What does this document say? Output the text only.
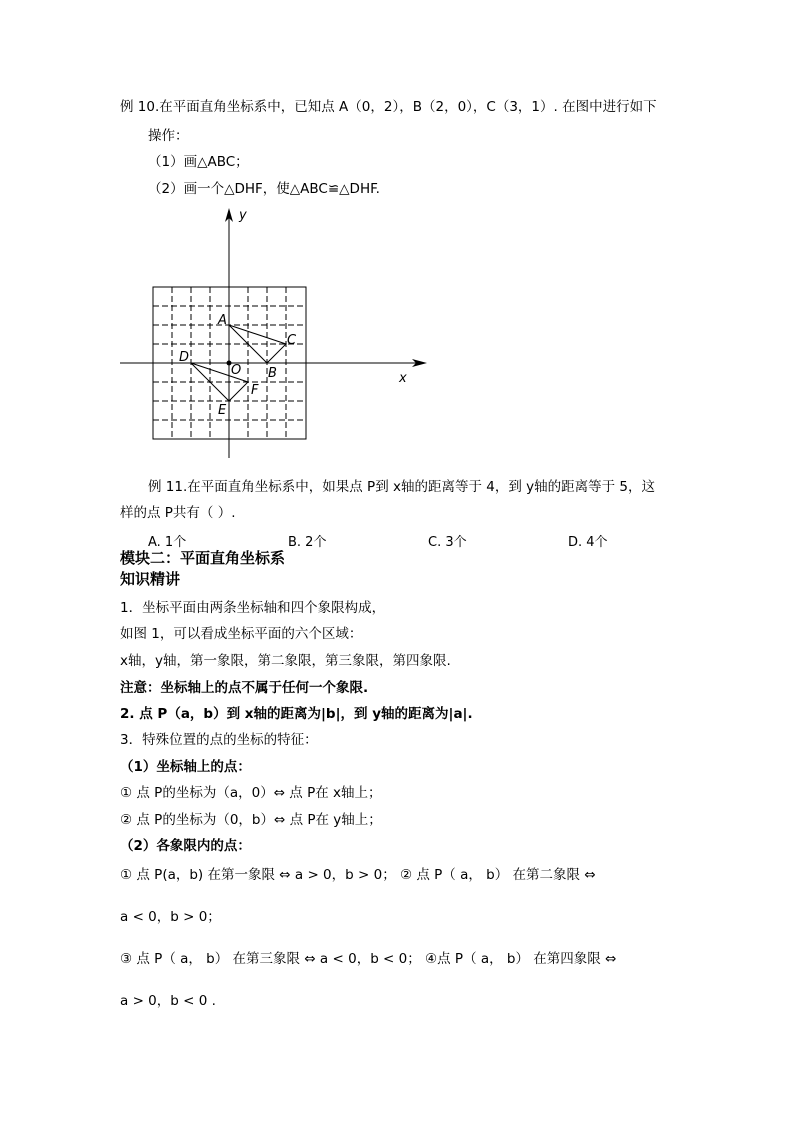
例 10.在平面直角坐标系中，已知点 A（0，2），B（2，0），C（3，1）. 在图中进行如下
操作：
（1）画△ABC；
（2）画一个△DHF，使△ABC≌△DHF.
x
y
A
B
C
D
E
F
O
例 11.在平面直角坐标系中，如果点 P到 x轴的距离等于 4，到 y轴的距离等于 5，这
样的点 P共有（ ）.
A. 1个	B. 2个	C. 3个	D. 4个
模块二：平面直角坐标系
知识精讲
1．坐标平面由两条坐标轴和四个象限构成，
如图 1，可以看成坐标平面的六个区域：
x轴，y轴，第一象限，第二象限，第三象限，第四象限.
注意：坐标轴上的点不属于任何一个象限.
2. 点 P（a，b）到 x轴的距离为|b|，到 y轴的距离为|a|.
3．特殊位置的点的坐标的特征：
（1）坐标轴上的点：
① 点 P的坐标为（a，0）⇔ 点 P在 x轴上；
② 点 P的坐标为（0，b）⇔ 点 P在 y轴上；
（2）各象限内的点：
① 点 P(a，b) 在第一象限 ⇔ a > 0，b > 0； ② 点 P（ a， b） 在第二象限 ⇔
a < 0，b > 0；
③ 点 P（ a， b） 在第三象限 ⇔ a < 0，b < 0； ④点 P（ a， b） 在第四象限 ⇔
a > 0，b < 0 .
